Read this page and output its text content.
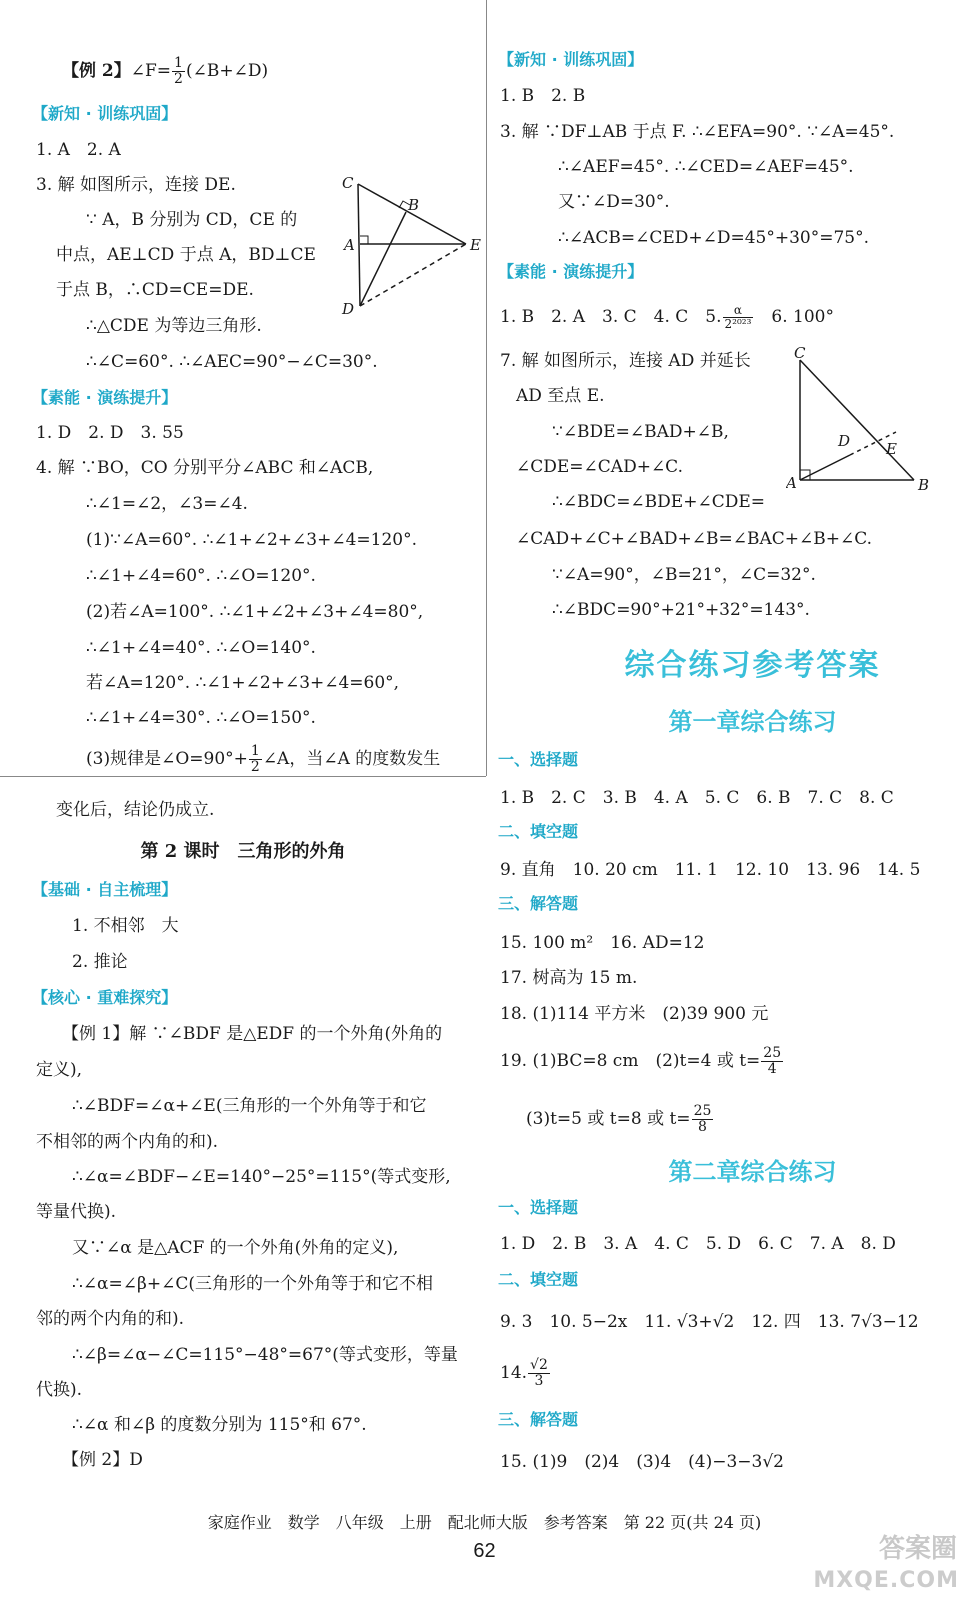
【例 2】∠F= $\frac{1}{2}$ (∠B+∠D)
【新知 · 训练巩固】
1. A　2. A
3. 解 如图所示，连接 DE.
∵ A，B 分别为 CD，CE 的
中点，AE⊥CD 于点 A，BD⊥CE
于点 B，∴CD=CE=DE.
∴△CDE 为等边三角形.
∴∠C=60°. ∴∠AEC=90°−∠C=30°.
C
B
A	E
D
【素能 · 演练提升】
1. D　2. D　3. 55
4. 解 ∵BO，CO 分别平分∠ABC 和∠ACB,
∴∠1=∠2，∠3=∠4.
(1)∵∠A=60°. ∴∠1+∠2+∠3+∠4=120°.
∴∠1+∠4=60°. ∴∠O=120°.
(2)若∠A=100°. ∴∠1+∠2+∠3+∠4=80°,
∴∠1+∠4=40°. ∴∠O=140°.
若∠A=120°. ∴∠1+∠2+∠3+∠4=60°,
∴∠1+∠4=30°. ∴∠O=150°.
(3)规律是∠O=90°+ $\frac{1}{2}$ ∠A，当∠A 的度数发生
变化后，结论仍成立.
第 2 课时　三角形的外角
【基础 · 自主梳理】
1. 不相邻　大
2. 推论
【核心 · 重难探究】
【例 1】解 ∵∠BDF 是△EDF 的一个外角(外角的
定义),
∴∠BDF=∠α+∠E(三角形的一个外角等于和它
不相邻的两个内角的和).
∴∠α=∠BDF−∠E=140°−25°=115°(等式变形,
等量代换).
又∵∠α 是△ACF 的一个外角(外角的定义),
∴∠α=∠β+∠C(三角形的一个外角等于和它不相
邻的两个内角的和).
∴∠β=∠α−∠C=115°−48°=67°(等式变形，等量
代换).
∴∠α 和∠β 的度数分别为 115°和 67°.
【例 2】D
【新知 · 训练巩固】
1. B　2. B
3. 解 ∵DF⊥AB 于点 F. ∴∠EFA=90°. ∵∠A=45°.
∴∠AEF=45°. ∴∠CED=∠AEF=45°.
又∵∠D=30°.
∴∠ACB=∠CED+∠D=45°+30°=75°.
【素能 · 演练提升】
1. B　2. A　3. C　4. C　5. $\frac{\alpha}{\text{2²⁰²³}}$
　 6. 100°
7. 解 如图所示，连接 AD 并延长
AD 至点 E.
∵∠BDE=∠BAD+∠B,
∠CDE=∠CAD+∠C.
∴∠BDC=∠BDE+∠CDE=
∠CAD+∠C+∠BAD+∠B=∠BAC+∠B+∠C.
∵∠A=90°，∠B=21°，∠C=32°.
∴∠BDC=90°+21°+32°=143°.
C
D E
A	B
综合练习参考答案
第一章综合练习
一、选择题
1. B　2. C　3. B　4. A　5. C　6. B　7. C　8. C
二、填空题
9. 直角　10. 20 cm　11. 1　12. 10　13. 96　14. 5
三、解答题
15. 100 m²　16. AD=12
17. 树高为 15 m.
18. (1)114 平方米　(2)39 900 元
19. (1)BC=8 cm　(2)t=4 或 $t= \frac{25}{4}$
(3)t=5 或 t=8 或 $t= \frac{25}{8}$
第二章综合练习
一、选择题
1. D　2. B　3. A　4. C　5. D　6. C　7. A　8. D
二、填空题
9. 3　10. 5−2x　11. √3+√2　12. 四　13. 7√3−12
14. $\frac{√2}{3}$
三、解答题
15. (1)9　(2)4　(3)4　(4)−3−3√2
家庭作业　数学　八年级　上册　配北师大版　参考答案　第 22 页(共 24 页)
62	答案圈
MXQE.COM
